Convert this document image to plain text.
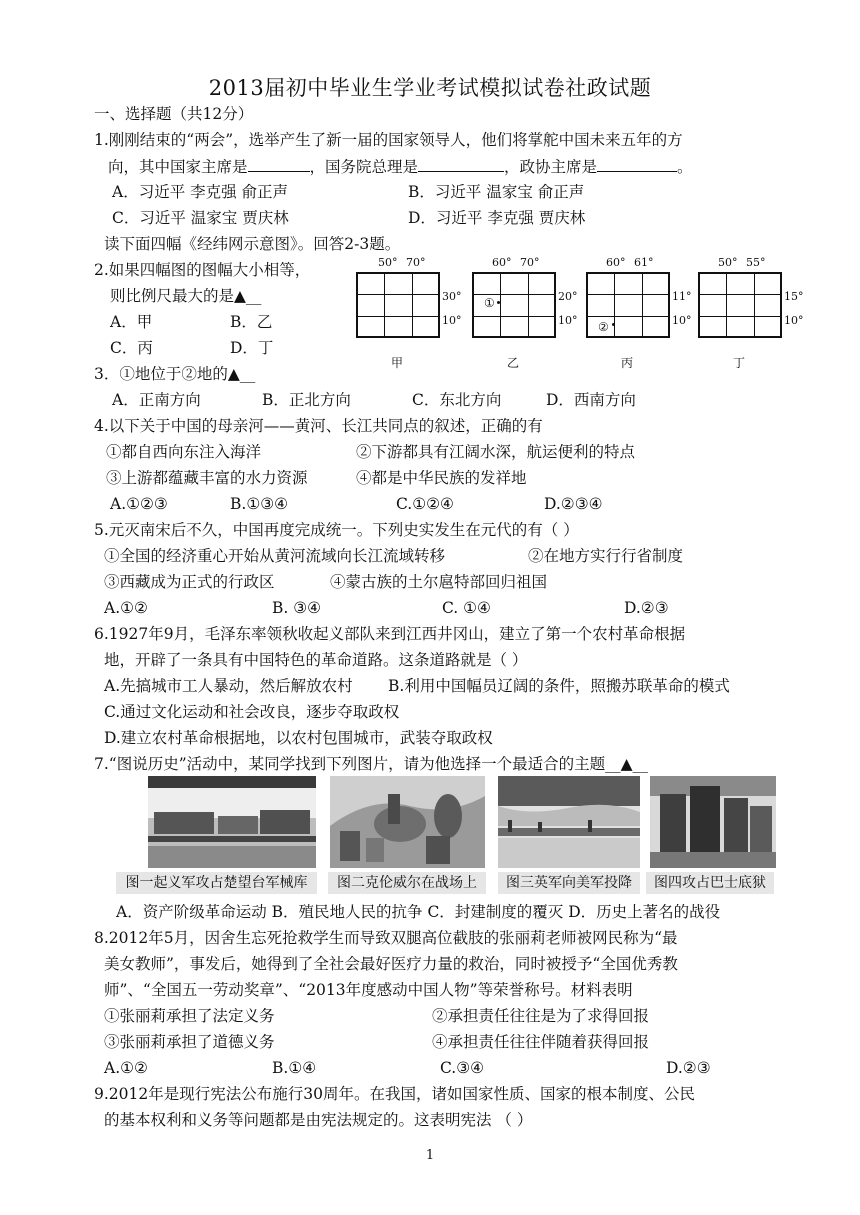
2013届初中毕业生学业考试模拟试卷社政试题
一、选择题（共12分）
1.刚刚结束的“两会”，选举产生了新一届的国家领导人，他们将掌舵中国未来五年的方
向，其中国家主席是	，国务院总理是	，政协主席是	。
A．习近平 李克强 俞正声	B．习近平 温家宝 俞正声
C．习近平 温家宝 贾庆林	D．习近平 李克强 贾庆林
读下面四幅《经纬网示意图》。回答2-3题。
2.如果四幅图的图幅大小相等，
则比例尺最大的是▲__
A．甲	B．乙
C．丙	D．丁
50° 70°
30°
10°
甲
60° 70°
①	20°
10°
乙
60° 61°
②
11°
10°
丙
50° 55°
15°
10°
丁
3．①地位于②地的▲__
A．正南方向	B．正北方向	C．东北方向	D．西南方向
4.以下关于中国的母亲河——黄河、长江共同点的叙述，正确的有
①都自西向东注入海洋	②下游都具有江阔水深，航运便利的特点
③上游都蕴藏丰富的水力资源	④都是中华民族的发祥地
A.①②③	B.①③④	C.①②④	D.②③④
5.元灭南宋后不久，中国再度完成统一。下列史实发生在元代的有（ ）
①全国的经济重心开始从黄河流域向长江流域转移	②在地方实行行省制度
③西藏成为正式的行政区	④蒙古族的土尔扈特部回归祖国
A.①②	B. ③④	C. ①④	D.②③
6.1927年9月，毛泽东率领秋收起义部队来到江西井冈山，建立了第一个农村革命根据
地，开辟了一条具有中国特色的革命道路。这条道路就是（ ）
A.先搞城市工人暴动，然后解放农村 B.利用中国幅员辽阔的条件，照搬苏联革命的模式
C.通过文化运动和社会改良，逐步夺取政权
D.建立农村革命根据地，以农村包围城市，武装夺取政权
7.“图说历史”活动中，某同学找到下列图片，请为他选择一个最适合的主题__▲__
图一起义军攻占楚望台军械库	图二克伦威尔在战场上	图三英军向美军投降	图四攻占巴士底狱
A．资产阶级革命运动 B．殖民地人民的抗争 C．封建制度的覆灭 D．历史上著名的战役
8.2012年5月，因舍生忘死抢救学生而导致双腿高位截肢的张丽莉老师被网民称为“最
美女教师”，事发后，她得到了全社会最好医疗力量的救治，同时被授予“全国优秀教
师”、“全国五一劳动奖章”、“2013年度感动中国人物”等荣誉称号。材料表明
①张丽莉承担了法定义务	②承担责任往往是为了求得回报
③张丽莉承担了道德义务	④承担责任往往伴随着获得回报
A.①②	B.①④	C.③④	D.②③
9.2012年是现行宪法公布施行30周年。在我国，诸如国家性质、国家的根本制度、公民
的基本权利和义务等问题都是由宪法规定的。这表明宪法 （ ）
1
